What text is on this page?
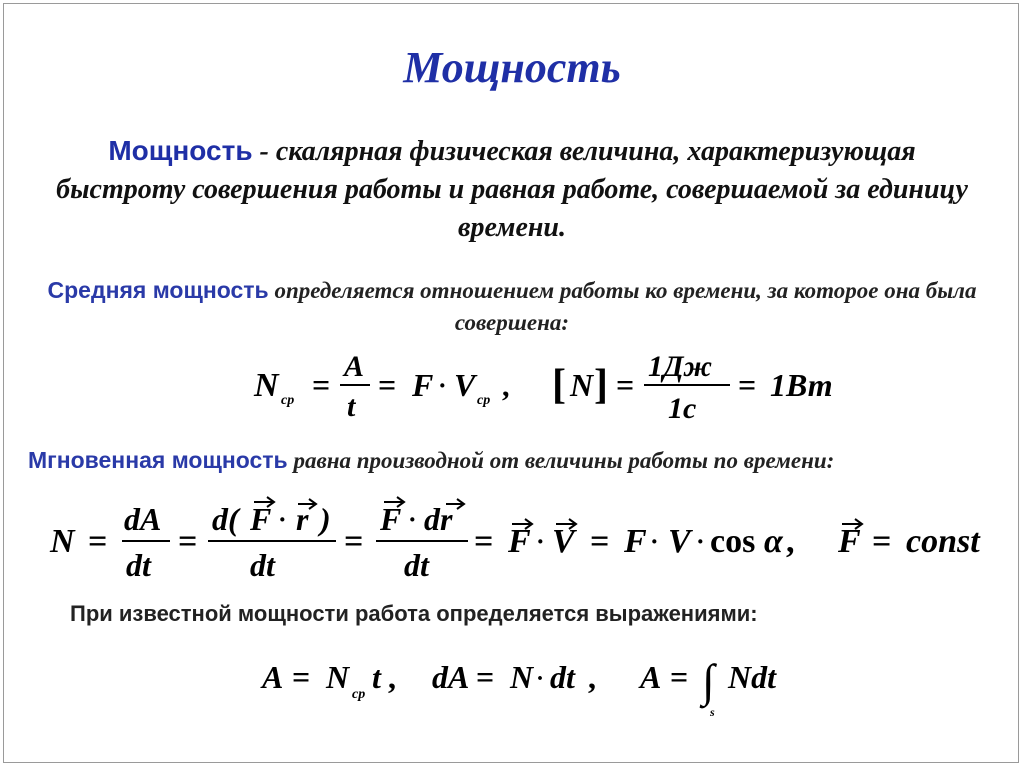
Мощность
Мощность - скалярная физическая величина, характеризующая быстроту совершения работы и равная работе, совершаемой за единицу времени.
Средняя мощность определяется отношением работы ко времени, за которое она была совершена:
N ср =
A
t
= F · V ср , [ N ] =
1Дж
1с
= 1Вт
Мгновенная мощность равна производной от величины работы по времени:
N =
dA
dt
=
d( F · r )
dt
=
F · dr
dt
= F · V = F · V · cos α , F = const
При известной мощности работа определяется выражениями:
A = N ср t , dA = N · dt , A = ∫
s
Ndt
